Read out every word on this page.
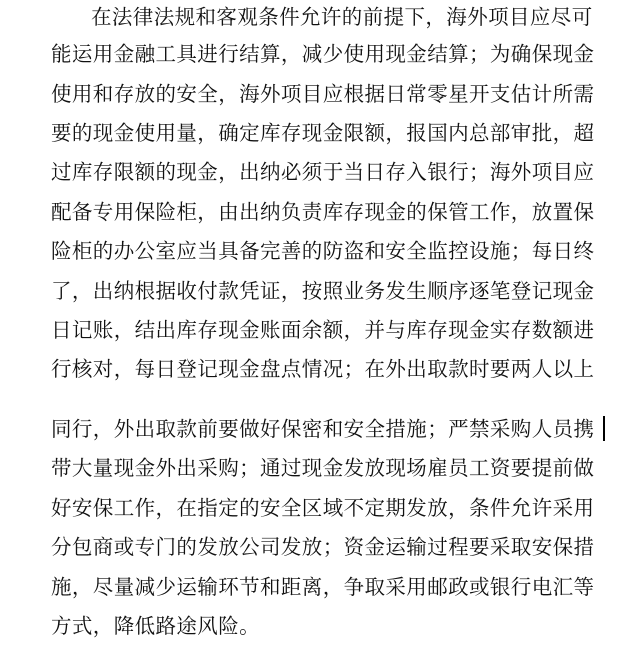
在法律法规和客观条件允许的前提下，海外项目应尽可
能运用金融工具进行结算，减少使用现金结算；为确保现金
使用和存放的安全，海外项目应根据日常零星开支估计所需
要的现金使用量，确定库存现金限额，报国内总部审批，超
过库存限额的现金，出纳必须于当日存入银行；海外项目应
配备专用保险柜，由出纳负责库存现金的保管工作，放置保
险柜的办公室应当具备完善的防盗和安全监控设施；每日终
了，出纳根据收付款凭证，按照业务发生顺序逐笔登记现金
日记账，结出库存现金账面余额，并与库存现金实存数额进
行核对，每日登记现金盘点情况；在外出取款时要两人以上
同行，外出取款前要做好保密和安全措施；严禁采购人员携
带大量现金外出采购；通过现金发放现场雇员工资要提前做
好安保工作，在指定的安全区域不定期发放，条件允许采用
分包商或专门的发放公司发放；资金运输过程要采取安保措
施，尽量减少运输环节和距离，争取采用邮政或银行电汇等
方式，降低路途风险。
